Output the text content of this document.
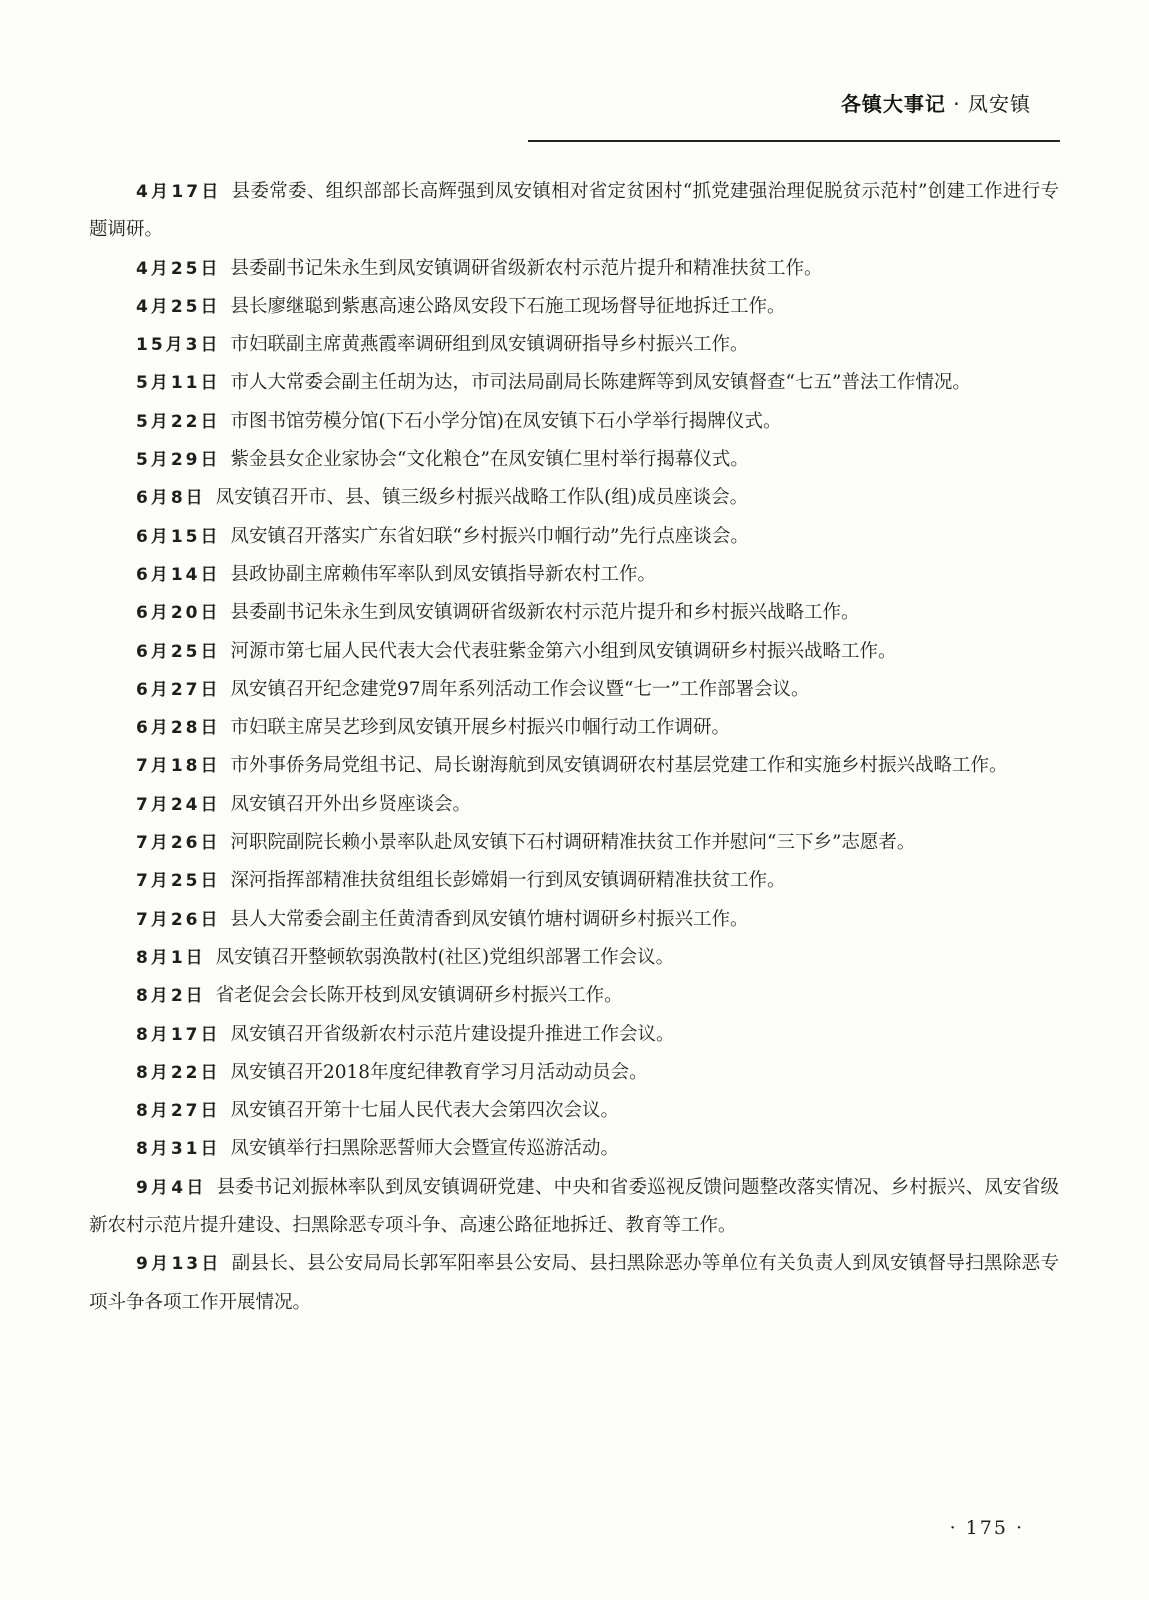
各镇大事记 · 凤安镇

4月17日 县委常委、组织部部长高辉强到凤安镇相对省定贫困村“抓党建强治理促脱贫示范村”创建工作进行专题调研。

4月25日 县委副书记朱永生到凤安镇调研省级新农村示范片提升和精准扶贫工作。

4月25日 县长廖继聪到紫惠高速公路凤安段下石施工现场督导征地拆迁工作。

15月3日 市妇联副主席黄燕霞率调研组到凤安镇调研指导乡村振兴工作。

5月11日 市人大常委会副主任胡为达，市司法局副局长陈建辉等到凤安镇督查“七五”普法工作情况。

5月22日 市图书馆劳模分馆(下石小学分馆)在凤安镇下石小学举行揭牌仪式。

5月29日 紫金县女企业家协会“文化粮仓”在凤安镇仁里村举行揭幕仪式。

6月8日 凤安镇召开市、县、镇三级乡村振兴战略工作队(组)成员座谈会。

6月15日 凤安镇召开落实广东省妇联“乡村振兴巾帼行动”先行点座谈会。

6月14日 县政协副主席赖伟军率队到凤安镇指导新农村工作。

6月20日 县委副书记朱永生到凤安镇调研省级新农村示范片提升和乡村振兴战略工作。

6月25日 河源市第七届人民代表大会代表驻紫金第六小组到凤安镇调研乡村振兴战略工作。

6月27日 凤安镇召开纪念建党97周年系列活动工作会议暨“七一”工作部署会议。

6月28日 市妇联主席吴艺珍到凤安镇开展乡村振兴巾帼行动工作调研。

7月18日 市外事侨务局党组书记、局长谢海航到凤安镇调研农村基层党建工作和实施乡村振兴战略工作。

7月24日 凤安镇召开外出乡贤座谈会。

7月26日 河职院副院长赖小景率队赴凤安镇下石村调研精准扶贫工作并慰问“三下乡”志愿者。

7月25日 深河指挥部精准扶贫组组长彭嫦娟一行到凤安镇调研精准扶贫工作。

7月26日 县人大常委会副主任黄清香到凤安镇竹塘村调研乡村振兴工作。

8月1日 凤安镇召开整顿软弱涣散村(社区)党组织部署工作会议。

8月2日 省老促会会长陈开枝到凤安镇调研乡村振兴工作。

8月17日 凤安镇召开省级新农村示范片建设提升推进工作会议。

8月22日 凤安镇召开2018年度纪律教育学习月活动动员会。

8月27日 凤安镇召开第十七届人民代表大会第四次会议。

8月31日 凤安镇举行扫黑除恶誓师大会暨宣传巡游活动。

9月4日 县委书记刘振林率队到凤安镇调研党建、中央和省委巡视反馈问题整改落实情况、乡村振兴、凤安省级新农村示范片提升建设、扫黑除恶专项斗争、高速公路征地拆迁、教育等工作。

9月13日 副县长、县公安局局长郭军阳率县公安局、县扫黑除恶办等单位有关负责人到凤安镇督导扫黑除恶专项斗争各项工作开展情况。

· 175 ·
